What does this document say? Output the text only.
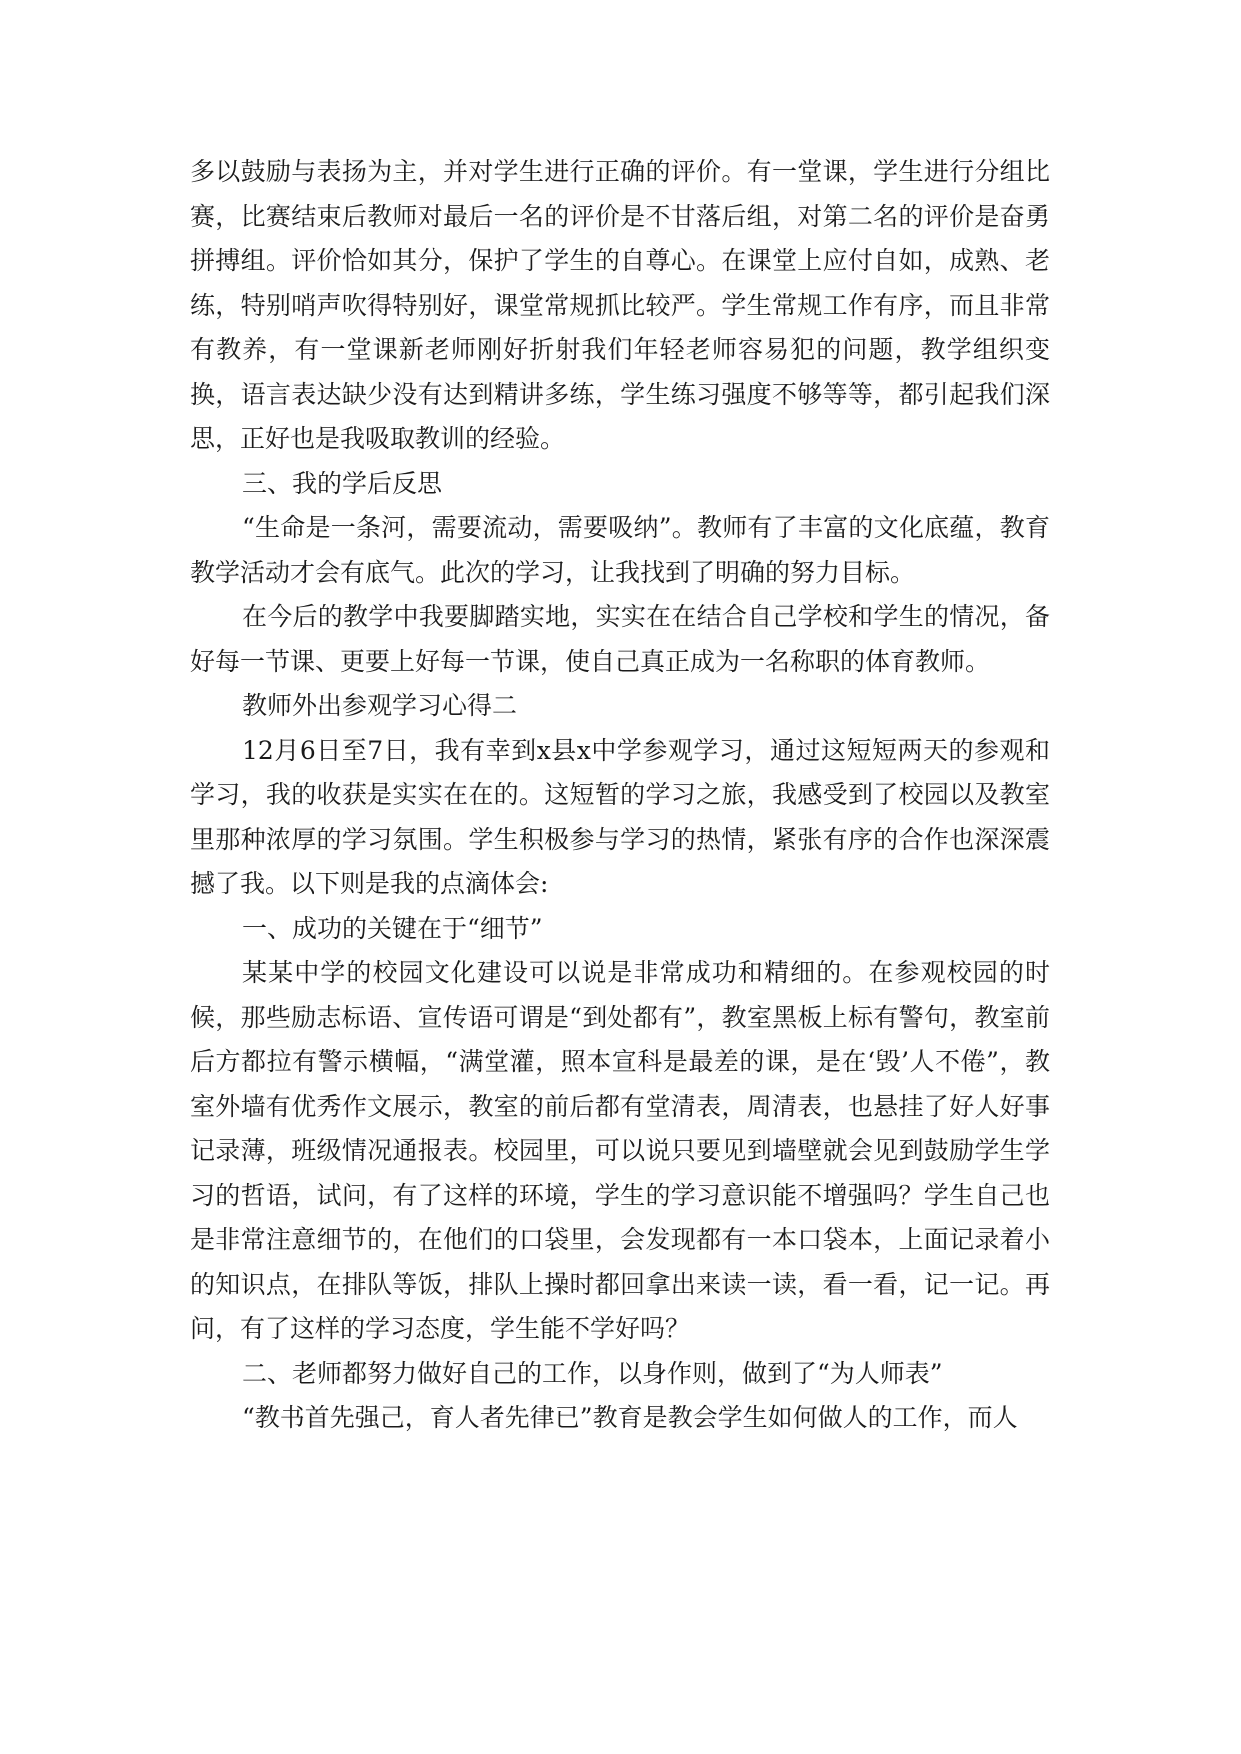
多以鼓励与表扬为主，并对学生进行正确的评价。有一堂课，学生进行分组比赛，比赛结束后教师对最后一名的评价是不甘落后组，对第二名的评价是奋勇拼搏组。评价恰如其分，保护了学生的自尊心。在课堂上应付自如，成熟、老练，特别哨声吹得特别好，课堂常规抓比较严。学生常规工作有序，而且非常有教养，有一堂课新老师刚好折射我们年轻老师容易犯的问题，教学组织变换，语言表达缺少没有达到精讲多练，学生练习强度不够等等，都引起我们深思，正好也是我吸取教训的经验。

三、我的学后反思

“生命是一条河，需要流动，需要吸纳”。教师有了丰富的文化底蕴，教育教学活动才会有底气。此次的学习，让我找到了明确的努力目标。

在今后的教学中我要脚踏实地，实实在在结合自己学校和学生的情况，备好每一节课、更要上好每一节课，使自己真正成为一名称职的体育教师。

教师外出参观学习心得二

12月6日至7日，我有幸到x县x中学参观学习，通过这短短两天的参观和学习，我的收获是实实在在的。这短暂的学习之旅，我感受到了校园以及教室里那种浓厚的学习氛围。学生积极参与学习的热情，紧张有序的合作也深深震撼了我。以下则是我的点滴体会:

一、成功的关键在于“细节”

某某中学的校园文化建设可以说是非常成功和精细的。在参观校园的时候，那些励志标语、宣传语可谓是“到处都有”，教室黑板上标有警句，教室前后方都拉有警示横幅，“满堂灌，照本宣科是最差的课，是在‘毁’人不倦”，教室外墙有优秀作文展示，教室的前后都有堂清表，周清表，也悬挂了好人好事记录薄，班级情况通报表。校园里，可以说只要见到墙壁就会见到鼓励学生学习的哲语，试问，有了这样的环境，学生的学习意识能不增强吗？学生自己也是非常注意细节的，在他们的口袋里，会发现都有一本口袋本，上面记录着小的知识点，在排队等饭，排队上操时都回拿出来读一读，看一看，记一记。再问，有了这样的学习态度，学生能不学好吗？

二、老师都努力做好自己的工作，以身作则，做到了“为人师表”

“教书首先强己，育人者先律已”教育是教会学生如何做人的工作，而人
